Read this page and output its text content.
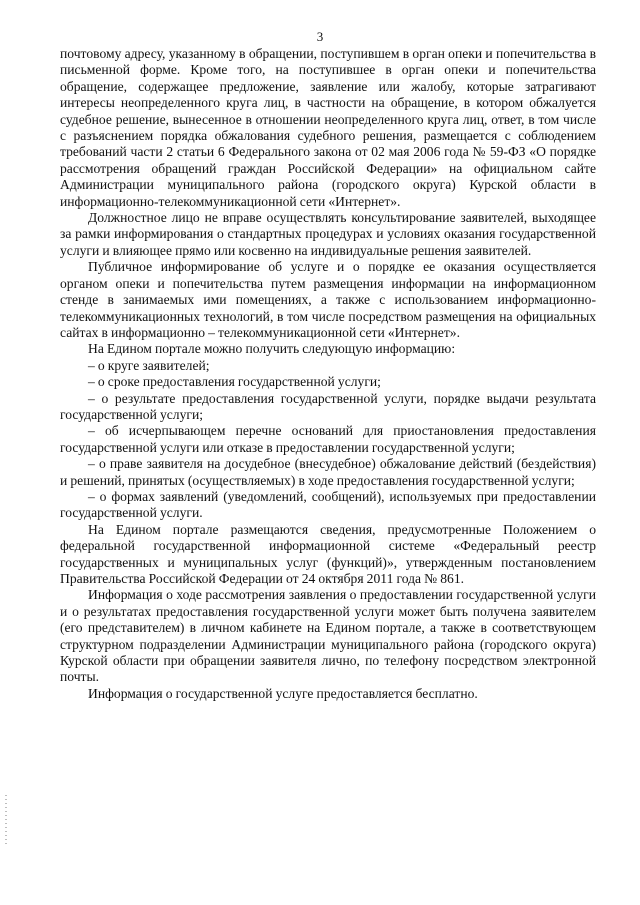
3

почтовому адресу, указанному в обращении, поступившем в орган опеки и попечительства в письменной форме. Кроме того, на поступившее в орган опеки и попечительства обращение, содержащее предложение, заявление или жалобу, которые затрагивают интересы неопределенного круга лиц, в частности на обращение, в котором обжалуется судебное решение, вынесенное в отношении неопределенного круга лиц, ответ, в том числе с разъяснением порядка обжалования судебного решения, размещается с соблюдением требований части 2 статьи 6 Федерального закона от 02 мая 2006 года № 59-ФЗ «О порядке рассмотрения обращений граждан Российской Федерации» на официальном сайте Администрации муниципального района (городского округа) Курской области в информационно-телекоммуникационной сети «Интернет».

Должностное лицо не вправе осуществлять консультирование заявителей, выходящее за рамки информирования о стандартных процедурах и условиях оказания государственной услуги и влияющее прямо или косвенно на индивидуальные решения заявителей.

Публичное информирование об услуге и о порядке ее оказания осуществляется органом опеки и попечительства путем размещения информации на информационном стенде в занимаемых ими помещениях, а также с использованием информационно-телекоммуникационных технологий, в том числе посредством размещения на официальных сайтах в информационно – телекоммуникационной сети «Интернет».

На Едином портале можно получить следующую информацию:

– о круге заявителей;

– о сроке предоставления государственной услуги;

– о результате предоставления государственной услуги, порядке выдачи результата государственной услуги;

– об исчерпывающем перечне оснований для приостановления предоставления государственной услуги или отказе в предоставлении государственной услуги;

– о праве заявителя на досудебное (внесудебное) обжалование действий (бездействия) и решений, принятых (осуществляемых) в ходе предоставления государственной услуги;

– о формах заявлений (уведомлений, сообщений), используемых при предоставлении государственной услуги.

На Едином портале размещаются сведения, предусмотренные Положением о федеральной государственной информационной системе «Федеральный реестр государственных и муниципальных услуг (функций)», утвержденным постановлением Правительства Российской Федерации от 24 октября 2011 года № 861.

Информация о ходе рассмотрения заявления о предоставлении государственной услуги и о результатах предоставления государственной услуги может быть получена заявителем (его представителем) в личном кабинете на Едином портале, а также в соответствующем структурном подразделении Администрации муниципального района (городского округа) Курской области при обращении заявителя лично, по телефону посредством электронной почты.

Информация о государственной услуге предоставляется бесплатно.
